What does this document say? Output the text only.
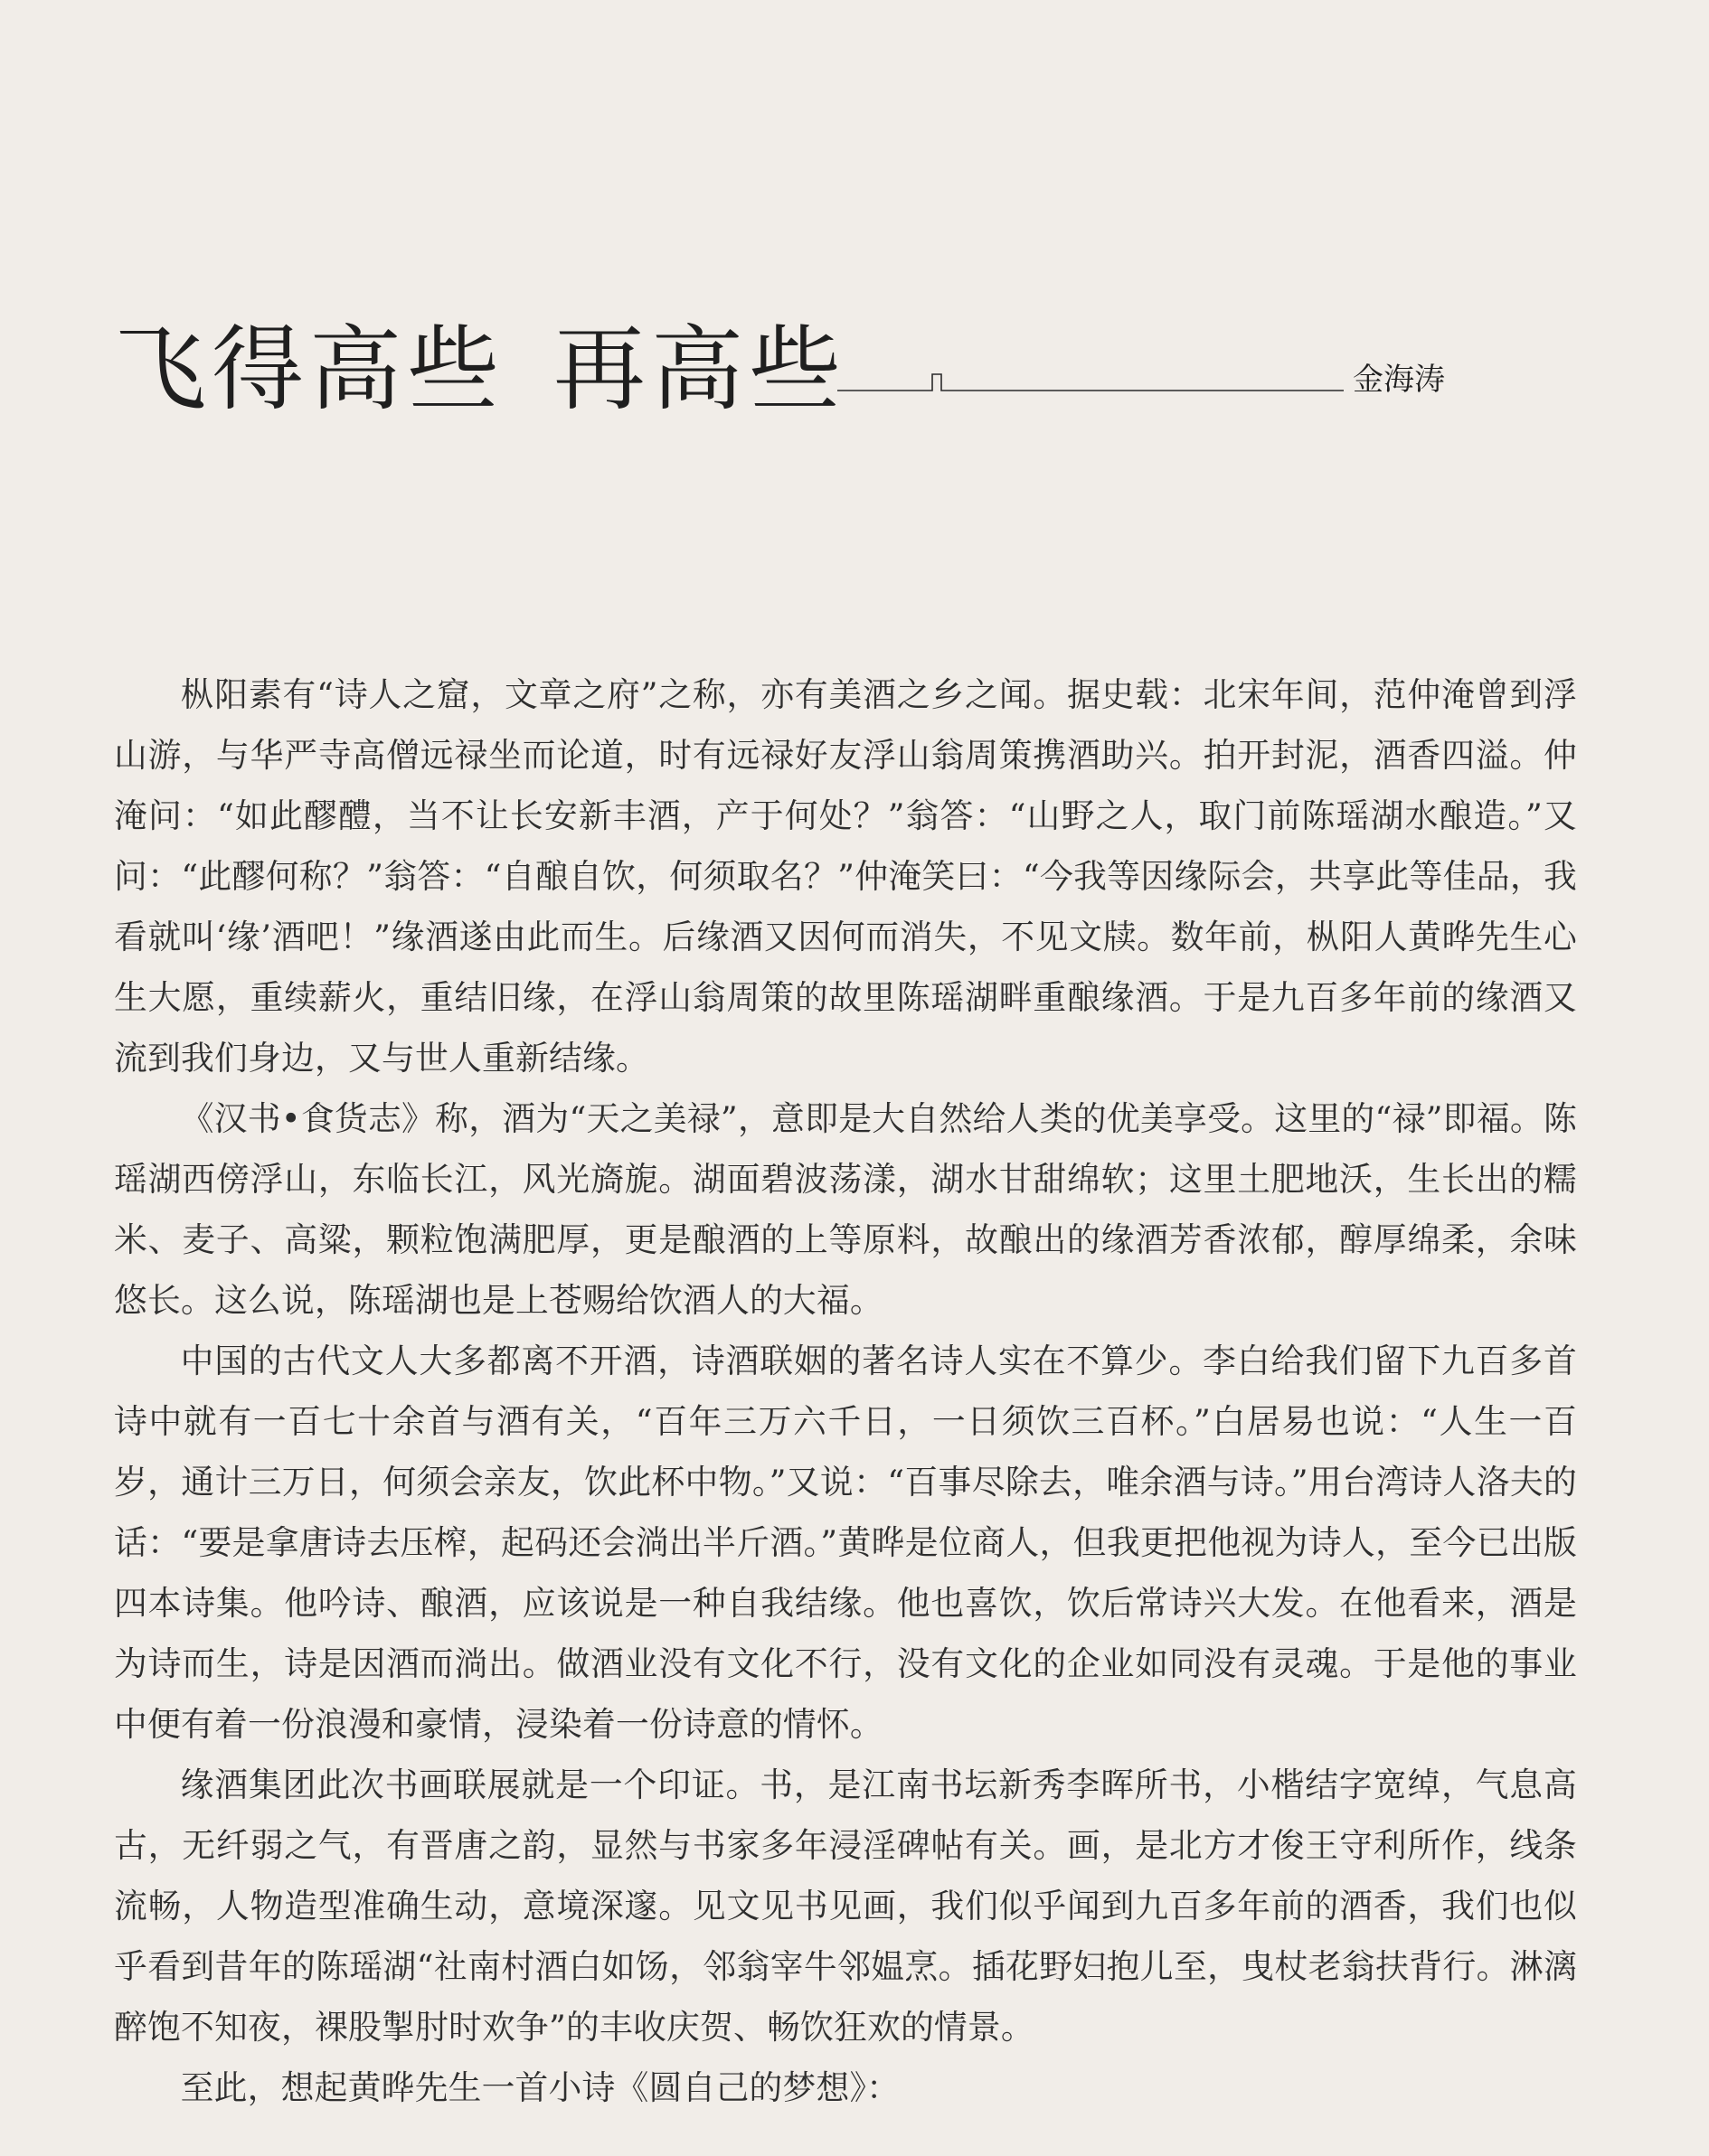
飞得高些 再高些	金海涛

枞阳素有“诗人之窟，文章之府”之称，亦有美酒之乡之闻。据史载：北宋年间，范仲淹曾到浮山游，与华严寺高僧远禄坐而论道，时有远禄好友浮山翁周策携酒助兴。拍开封泥，酒香四溢。仲淹问：“如此醪醴，当不让长安新丰酒，产于何处？”翁答：“山野之人，取门前陈瑶湖水酿造。”又问：“此醪何称？”翁答：“自酿自饮，何须取名？”仲淹笑曰：“今我等因缘际会，共享此等佳品，我看就叫‘缘’酒吧！”缘酒遂由此而生。后缘酒又因何而消失，不见文牍。数年前，枞阳人黄晔先生心生大愿，重续薪火，重结旧缘，在浮山翁周策的故里陈瑶湖畔重酿缘酒。于是九百多年前的缘酒又流到我们身边，又与世人重新结缘。

《汉书•食货志》称，酒为“天之美禄”，意即是大自然给人类的优美享受。这里的“禄”即福。陈瑶湖西傍浮山，东临长江，风光旖旎。湖面碧波荡漾，湖水甘甜绵软；这里土肥地沃，生长出的糯米、麦子、高粱，颗粒饱满肥厚，更是酿酒的上等原料，故酿出的缘酒芳香浓郁，醇厚绵柔，余味悠长。这么说，陈瑶湖也是上苍赐给饮酒人的大福。

中国的古代文人大多都离不开酒，诗酒联姻的著名诗人实在不算少。李白给我们留下九百多首诗中就有一百七十余首与酒有关，“百年三万六千日，一日须饮三百杯。”白居易也说：“人生一百岁，通计三万日，何须会亲友，饮此杯中物。”又说：“百事尽除去，唯余酒与诗。”用台湾诗人洛夫的话：“要是拿唐诗去压榨，起码还会淌出半斤酒。”黄晔是位商人，但我更把他视为诗人，至今已出版四本诗集。他吟诗、酿酒，应该说是一种自我结缘。他也喜饮，饮后常诗兴大发。在他看来，酒是为诗而生，诗是因酒而淌出。做酒业没有文化不行，没有文化的企业如同没有灵魂。于是他的事业中便有着一份浪漫和豪情，浸染着一份诗意的情怀。

缘酒集团此次书画联展就是一个印证。书，是江南书坛新秀李晖所书，小楷结字宽绰，气息高古，无纤弱之气，有晋唐之韵，显然与书家多年浸淫碑帖有关。画，是北方才俊王守利所作，线条流畅，人物造型准确生动，意境深邃。见文见书见画，我们似乎闻到九百多年前的酒香，我们也似乎看到昔年的陈瑶湖“社南村酒白如饧，邻翁宰牛邻媪烹。插花野妇抱儿至，曳杖老翁扶背行。淋漓醉饱不知夜，裸股掣肘时欢争”的丰收庆贺、畅饮狂欢的情景。

至此，想起黄晔先生一首小诗《圆自己的梦想》：
